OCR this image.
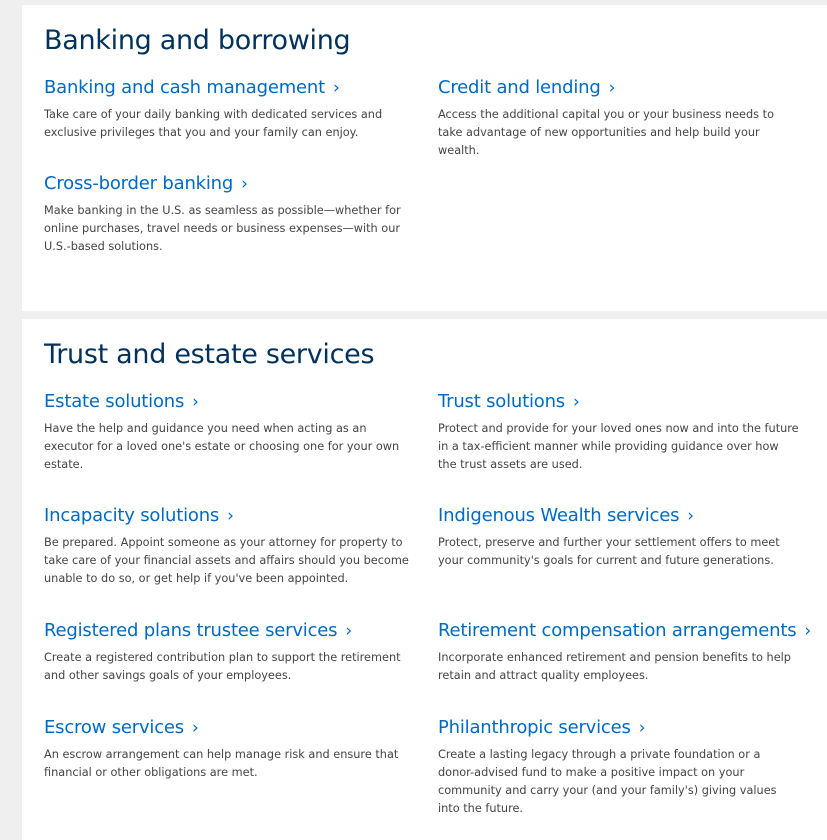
Banking and borrowing
Banking and cash management ›

Take care of your daily banking with dedicated services and exclusive privileges that you and your family can enjoy.

Credit and lending ›

Access the additional capital you or your business needs to take advantage of new opportunities and help build your wealth.

Cross-border banking ›

Make banking in the U.S. as seamless as possible—whether for online purchases, travel needs or business expenses—with our U.S.-based solutions.

Trust and estate services
Estate solutions ›

Have the help and guidance you need when acting as an executor for a loved one's estate or choosing one for your own estate.

Trust solutions ›

Protect and provide for your loved ones now and into the future in a tax-efficient manner while providing guidance over how the trust assets are used.

Incapacity solutions ›

Be prepared. Appoint someone as your attorney for property to take care of your financial assets and affairs should you become unable to do so, or get help if you've been appointed.

Indigenous Wealth services ›

Protect, preserve and further your settlement offers to meet your community's goals for current and future generations.

Registered plans trustee services ›

Create a registered contribution plan to support the retirement and other savings goals of your employees.

Retirement compensation arrangements ›

Incorporate enhanced retirement and pension benefits to help retain and attract quality employees.

Escrow services ›

An escrow arrangement can help manage risk and ensure that financial or other obligations are met.

Philanthropic services ›

Create a lasting legacy through a private foundation or a donor-advised fund to make a positive impact on your community and carry your (and your family's) giving values into the future.
